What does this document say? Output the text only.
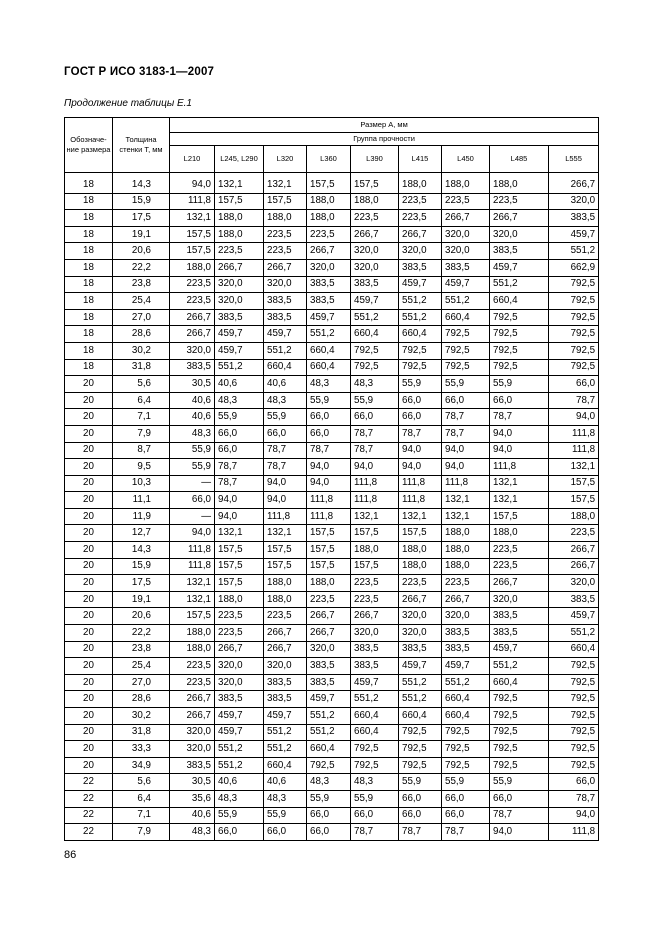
ГОСТ Р ИСО 3183-1—2007
Продолжение таблицы Е.1
Обозначе-ние размера	Толщина стенки Т, мм	Размер А, мм								
		Группа прочности								
		L210	L245, L290	L320	L360	L390	L415	L450	L485	L555
18	14,3	94,0	132,1	132,1	157,5	157,5	188,0	188,0	188,0	266,7
18	15,9	111,8	157,5	157,5	188,0	188,0	223,5	223,5	223,5	320,0
18	17,5	132,1	188,0	188,0	188,0	223,5	223,5	266,7	266,7	383,5
18	19,1	157,5	188,0	223,5	223,5	266,7	266,7	320,0	320,0	459,7
18	20,6	157,5	223,5	223,5	266,7	320,0	320,0	320,0	383,5	551,2
18	22,2	188,0	266,7	266,7	320,0	320,0	383,5	383,5	459,7	662,9
18	23,8	223,5	320,0	320,0	383,5	383,5	459,7	459,7	551,2	792,5
18	25,4	223,5	320,0	383,5	383,5	459,7	551,2	551,2	660,4	792,5
18	27,0	266,7	383,5	383,5	459,7	551,2	551,2	660,4	792,5	792,5
18	28,6	266,7	459,7	459,7	551,2	660,4	660,4	792,5	792,5	792,5
18	30,2	320,0	459,7	551,2	660,4	792,5	792,5	792,5	792,5	792,5
18	31,8	383,5	551,2	660,4	660,4	792,5	792,5	792,5	792,5	792,5
20	5,6	30,5	40,6	40,6	48,3	48,3	55,9	55,9	55,9	66,0
20	6,4	40,6	48,3	48,3	55,9	55,9	66,0	66,0	66,0	78,7
20	7,1	40,6	55,9	55,9	66,0	66,0	66,0	78,7	78,7	94,0
20	7,9	48,3	66,0	66,0	66,0	78,7	78,7	78,7	94,0	111,8
20	8,7	55,9	66,0	78,7	78,7	78,7	94,0	94,0	94,0	111,8
20	9,5	55,9	78,7	78,7	94,0	94,0	94,0	94,0	111,8	132,1
20	10,3	—	78,7	94,0	94,0	111,8	111,8	111,8	132,1	157,5
20	11,1	66,0	94,0	94,0	111,8	111,8	111,8	132,1	132,1	157,5
20	11,9	—	94,0	111,8	111,8	132,1	132,1	132,1	157,5	188,0
20	12,7	94,0	132,1	132,1	157,5	157,5	157,5	188,0	188,0	223,5
20	14,3	111,8	157,5	157,5	157,5	188,0	188,0	188,0	223,5	266,7
20	15,9	111,8	157,5	157,5	157,5	157,5	188,0	188,0	223,5	266,7
20	17,5	132,1	157,5	188,0	188,0	223,5	223,5	223,5	266,7	320,0
20	19,1	132,1	188,0	188,0	223,5	223,5	266,7	266,7	320,0	383,5
20	20,6	157,5	223,5	223,5	266,7	266,7	320,0	320,0	383,5	459,7
20	22,2	188,0	223,5	266,7	266,7	320,0	320,0	383,5	383,5	551,2
20	23,8	188,0	266,7	266,7	320,0	383,5	383,5	383,5	459,7	660,4
20	25,4	223,5	320,0	320,0	383,5	383,5	459,7	459,7	551,2	792,5
20	27,0	223,5	320,0	383,5	383,5	459,7	551,2	551,2	660,4	792,5
20	28,6	266,7	383,5	383,5	459,7	551,2	551,2	660,4	792,5	792,5
20	30,2	266,7	459,7	459,7	551,2	660,4	660,4	660,4	792,5	792,5
20	31,8	320,0	459,7	551,2	551,2	660,4	792,5	792,5	792,5	792,5
20	33,3	320,0	551,2	551,2	660,4	792,5	792,5	792,5	792,5	792,5
20	34,9	383,5	551,2	660,4	792,5	792,5	792,5	792,5	792,5	792,5
22	5,6	30,5	40,6	40,6	48,3	48,3	55,9	55,9	55,9	66,0
22	6,4	35,6	48,3	48,3	55,9	55,9	66,0	66,0	66,0	78,7
22	7,1	40,6	55,9	55,9	66,0	66,0	66,0	66,0	78,7	94,0
22	7,9	48,3	66,0	66,0	66,0	78,7	78,7	78,7	94,0	111,8
86
